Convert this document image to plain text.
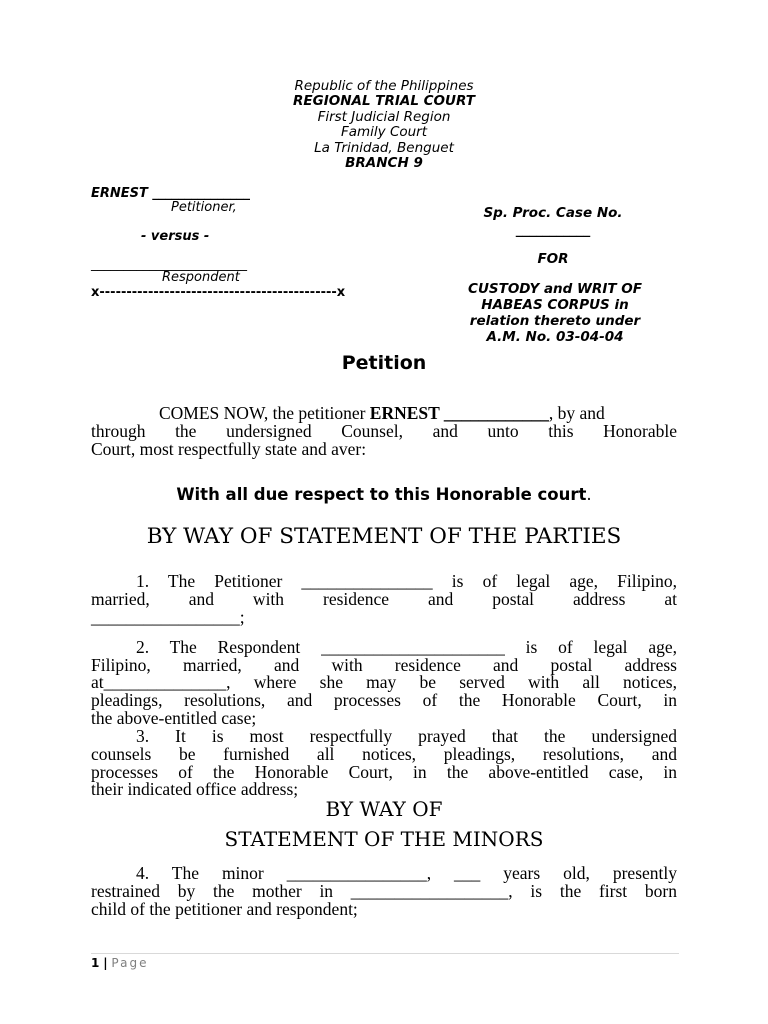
Republic of the Philippines
REGIONAL TRIAL COURT
First Judicial Region
Family Court
La Trinidad, Benguet
BRANCH 9
ERNEST _______________
Petitioner,
- versus -
________________________
Respondent
x--------------------------------------------x
Sp. Proc. Case No.
___________
FOR
CUSTODY and WRIT OF
HABEAS CORPUS in
relation thereto under
A.M. No. 03-04-04
Petition
COMES NOW, the petitioner ERNEST ____________, by and
through the undersigned Counsel, and unto this Honorable
Court, most respectfully state and aver:
With all due respect to this Honorable court.
BY WAY OF STATEMENT OF THE PARTIES
1. The Petitioner _______________ is of legal age, Filipino,
married, and with residence and postal address at
_________________;
2. The Respondent _____________________ is of legal age,
Filipino, married, and with residence and postal address
at______________, where she may be served with all notices,
pleadings, resolutions, and processes of the Honorable Court, in
the above-entitled case;
3. It is most respectfully prayed that the undersigned
counsels be furnished all notices, pleadings, resolutions, and
processes of the Honorable Court, in the above-entitled case, in
their indicated office address;
BY WAY OF
STATEMENT OF THE MINORS
4. The minor ________________, ___ years old, presently
restrained by the mother in __________________, is the first born
child of the petitioner and respondent;
1 | Page
